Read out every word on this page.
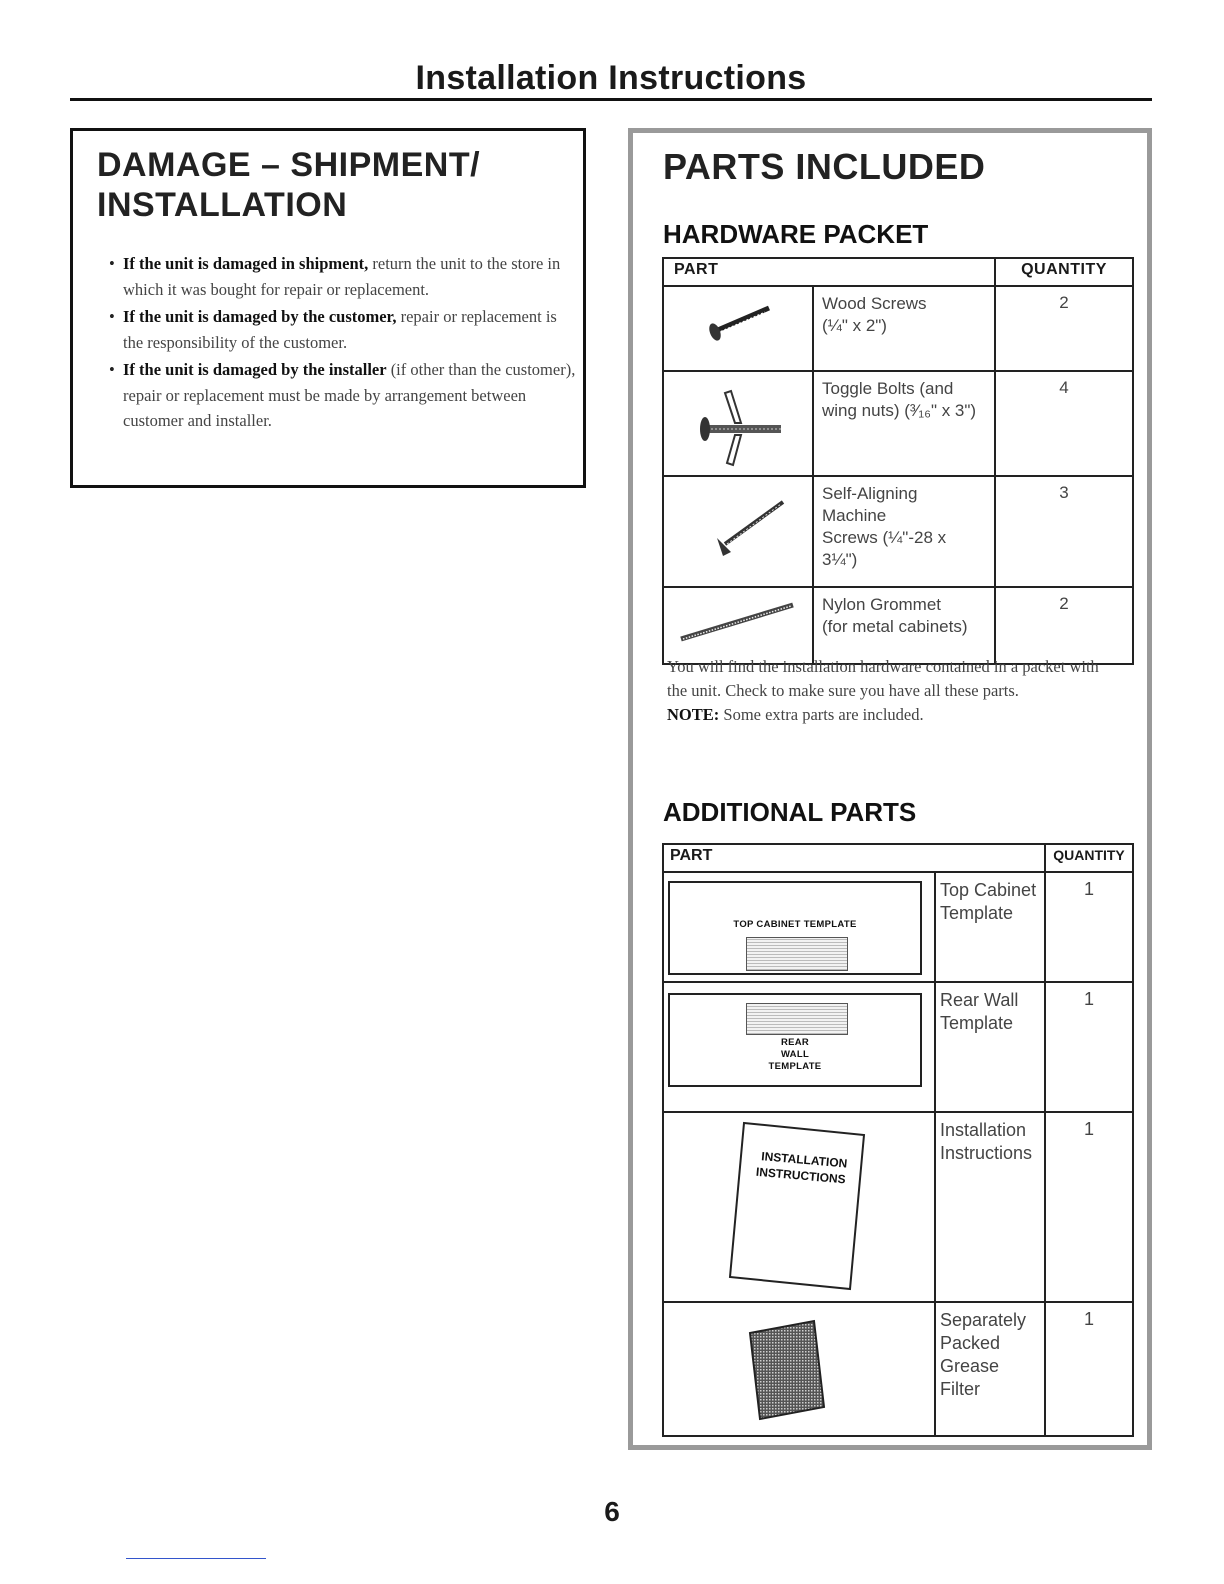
Installation Instructions
DAMAGE – SHIPMENT/
INSTALLATION
• If the unit is damaged in shipment, return the unit to the store in which it was bought for repair or replacement.
• If the unit is damaged by the customer, repair or replacement is the responsibility of the customer.
• If the unit is damaged by the installer (if other than the customer), repair or replacement must be made by arrangement between customer and installer.
PARTS INCLUDED
HARDWARE PACKET
PART		QUANTITY
	Wood Screws
(¼" x 2")	2
	Toggle Bolts (and
wing nuts) (³⁄₁₆" x 3")	4
	Self-Aligning Machine
Screws (¼"-28 x 3¼")	3
	Nylon Grommet
(for metal cabinets)	2
You will find the installation hardware contained in a packet with the unit. Check to make sure you have all these parts.
NOTE: Some extra parts are included.
ADDITIONAL PARTS
PART		QUANTITY

TOP CABINET TEMPLATE	Top Cabinet
Template	1

REAR
WALL
TEMPLATE	Rear Wall
Template	1

INSTALLATION
INSTRUCTIONS	Installation
Instructions	1

	Separately
Packed
Grease
Filter	1
6
